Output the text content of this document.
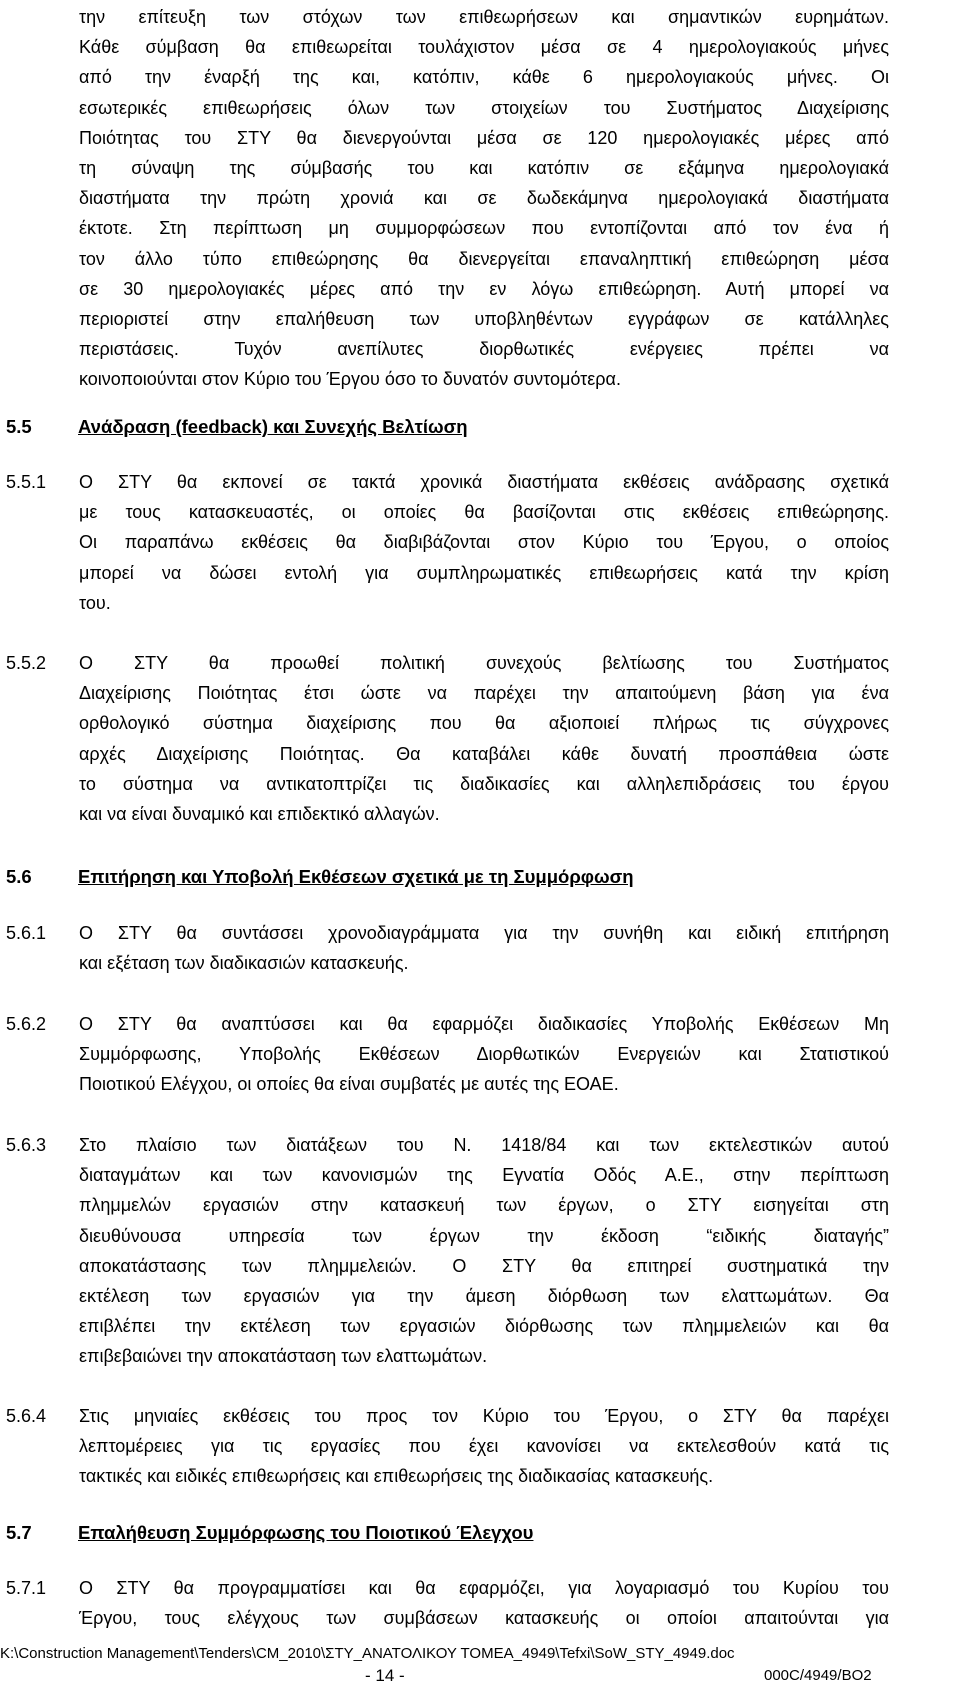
την επίτευξη των στόχων των επιθεωρήσεων και σημαντικών ευρημάτων.
Κάθε σύμβαση θα επιθεωρείται τουλάχιστον μέσα σε 4 ημερολογιακούς μήνες
από την έναρξή της και, κατόπιν, κάθε 6 ημερολογιακούς μήνες. Οι
εσωτερικές επιθεωρήσεις όλων των στοιχείων του Συστήματος Διαχείρισης
Ποιότητας του ΣΤΥ θα διενεργούνται μέσα σε 120 ημερολογιακές μέρες από
τη σύναψη της σύμβασής του και κατόπιν σε εξάμηνα ημερολογιακά
διαστήματα την πρώτη χρονιά και σε δωδεκάμηνα ημερολογιακά διαστήματα
έκτοτε. Στη περίπτωση μη συμμορφώσεων που εντοπίζονται από τον ένα ή
τον άλλο τύπο επιθεώρησης θα διενεργείται επαναληπτική επιθεώρηση μέσα
σε 30 ημερολογιακές μέρες από την εν λόγω επιθεώρηση. Αυτή μπορεί να
περιοριστεί στην επαλήθευση των υποβληθέντων εγγράφων σε κατάλληλες
περιστάσεις. Τυχόν ανεπίλυτες διορθωτικές ενέργειες πρέπει να
κοινοποιούνται στον Κύριο του Έργου όσο το δυνατόν συντομότερα.
5.5	Ανάδραση (feedback) και Συνεχής Βελτίωση
5.5.1 Ο ΣΤΥ θα εκπονεί σε τακτά χρονικά διαστήματα εκθέσεις ανάδρασης σχετικά
με τους κατασκευαστές, οι οποίες θα βασίζονται στις εκθέσεις επιθεώρησης.
Οι παραπάνω εκθέσεις θα διαβιβάζονται στον Κύριο του Έργου, ο οποίος
μπορεί να δώσει εντολή για συμπληρωματικές επιθεωρήσεις κατά την κρίση
του.
5.5.2 Ο ΣΤΥ θα προωθεί πολιτική συνεχούς βελτίωσης του Συστήματος
Διαχείρισης Ποιότητας έτσι ώστε να παρέχει την απαιτούμενη βάση για ένα
ορθολογικό σύστημα διαχείρισης που θα αξιοποιεί πλήρως τις σύγχρονες
αρχές Διαχείρισης Ποιότητας. Θα καταβάλει κάθε δυνατή προσπάθεια ώστε
το σύστημα να αντικατοπτρίζει τις διαδικασίες και αλληλεπιδράσεις του έργου
και να είναι δυναμικό και επιδεκτικό αλλαγών.
5.6	Επιτήρηση και Υποβολή Εκθέσεων σχετικά με τη Συμμόρφωση
5.6.1 Ο ΣΤΥ θα συντάσσει χρονοδιαγράμματα για την συνήθη και ειδική επιτήρηση
και εξέταση των διαδικασιών κατασκευής.
5.6.2 Ο ΣΤΥ θα αναπτύσσει και θα εφαρμόζει διαδικασίες Υποβολής Εκθέσεων Μη
Συμμόρφωσης, Υποβολής Εκθέσεων Διορθωτικών Ενεργειών και Στατιστικού
Ποιοτικού Ελέγχου, οι οποίες θα είναι συμβατές με αυτές της ΕΟΑΕ.
5.6.3 Στο πλαίσιο των διατάξεων του Ν. 1418/84 και των εκτελεστικών αυτού
διαταγμάτων και των κανονισμών της Εγνατία Οδός Α.Ε., στην περίπτωση
πλημμελών εργασιών στην κατασκευή των έργων, ο ΣΤΥ εισηγείται στη
διευθύνουσα υπηρεσία των έργων την έκδοση “ειδικής διαταγής”
αποκατάστασης των πλημμελειών. Ο ΣΤΥ θα επιτηρεί συστηματικά την
εκτέλεση των εργασιών για την άμεση διόρθωση των ελαττωμάτων. Θα
επιβλέπει την εκτέλεση των εργασιών διόρθωσης των πλημμελειών και θα
επιβεβαιώνει την αποκατάσταση των ελαττωμάτων.
5.6.4 Στις μηνιαίες εκθέσεις του προς τον Κύριο του Έργου, ο ΣΤΥ θα παρέχει
λεπτομέρειες για τις εργασίες που έχει κανονίσει να εκτελεσθούν κατά τις
τακτικές και ειδικές επιθεωρήσεις και επιθεωρήσεις της διαδικασίας κατασκευής.
5.7	Επαλήθευση Συμμόρφωσης του Ποιοτικού Έλεγχου
5.7.1 Ο ΣΤΥ θα προγραμματίσει και θα εφαρμόζει, για λογαριασμό του Κυρίου του
Έργου, τους ελέγχους των συμβάσεων κατασκευής οι οποίοι απαιτούνται για
K:\Construction Management\Tenders\CM_2010\ΣΤΥ_ΑΝΑΤΟΛΙΚΟΥ ΤΟΜΕΑ_4949\Tefxi\SoW_STY_4949.doc
- 14 -	000C/4949/BO2
